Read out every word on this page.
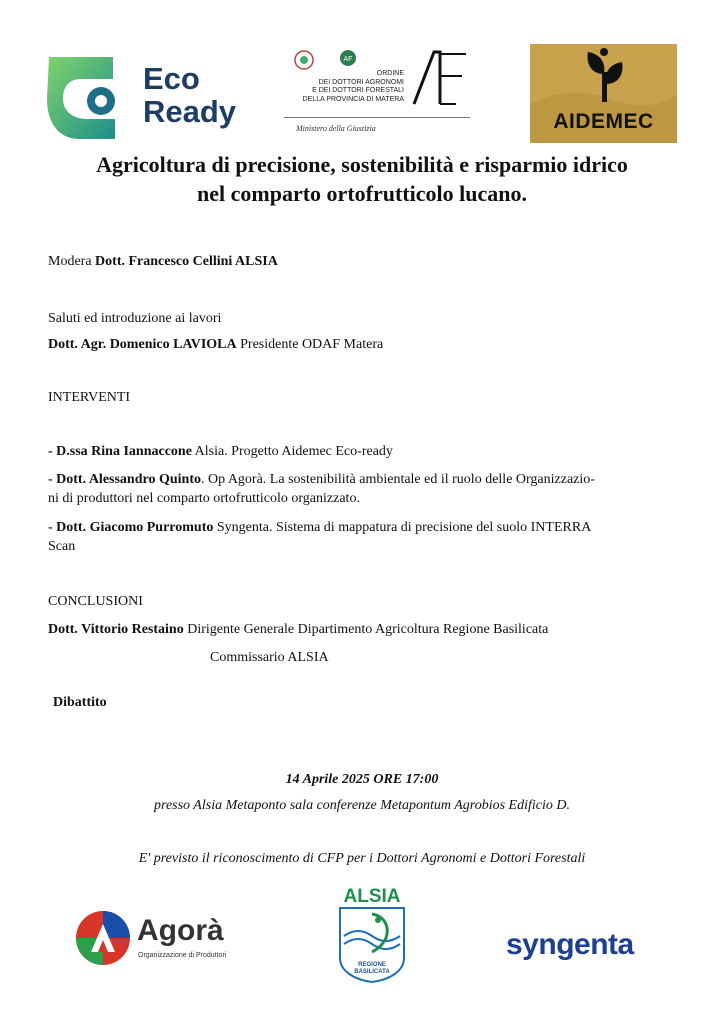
Eco
Ready
AF
ORDINE
DEI DOTTORI AGRONOMI
E DEI DOTTORI FORESTALI
DELLA PROVINCIA DI MATERA
Ministero della Giustizia	AIDEMEC
Agricoltura di precisione, sostenibilità e risparmio idrico
nel comparto ortofrutticolo lucano.
Modera Dott. Francesco Cellini ALSIA
Saluti ed introduzione ai lavori
Dott. Agr. Domenico LAVIOLA Presidente ODAF Matera
INTERVENTI
- D.ssa Rina Iannaccone Alsia. Progetto Aidemec Eco-ready
- Dott. Alessandro Quinto. Op Agorà. La sostenibilità ambientale ed il ruolo delle Organizzazio-
ni di produttori nel comparto ortofrutticolo organizzato.
- Dott. Giacomo Purromuto Syngenta. Sistema di mappatura di precisione del suolo INTERRA
Scan
CONCLUSIONI
Dott. Vittorio Restaino Dirigente Generale Dipartimento Agricoltura Regione Basilicata
Commissario ALSIA
Dibattito
14 Aprile 2025 ORE 17:00
presso Alsia Metaponto sala conferenze Metapontum Agrobios Edificio D.
E' previsto il riconoscimento di CFP per i Dottori Agronomi e Dottori Forestali
Agorà
Organizzazione di Produttori
ALSIA
REGIONE
BASILICATA
syngenta
